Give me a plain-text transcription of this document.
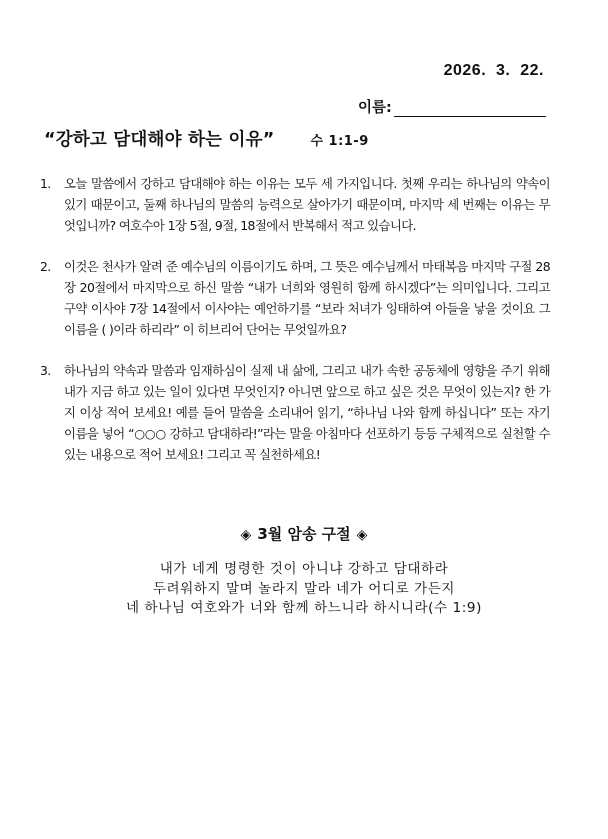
2026.  3.  22.
이름:
“강하고 담대해야 하는 이유”	수 1:1-9
1.	오늘 말씀에서 강하고 담대해야 하는 이유는 모두 세 가지입니다. 첫째 우리는 하나님의 약속이 있기 때문이고, 둘째 하나님의 말씀의 능력으로 살아가기 때문이며, 마지막 세 번째는 이유는 무엇입니까? 여호수아 1장 5절, 9절, 18절에서 반복해서 적고 있습니다.
2.	이것은 천사가 알려 준 예수님의 이름이기도 하며, 그 뜻은 예수님께서 마태복음 마지막 구절 28장 20절에서 마지막으로 하신 말씀 “내가 너희와 영원히 함께 하시겠다”는 의미입니다. 그리고 구약 이사야 7장 14절에서 이사야는 예언하기를 “보라 처녀가 잉태하여 아들을 낳을 것이요 그 이름을 ( )이라 하리라” 이 히브리어 단어는 무엇일까요?
3.	하나님의 약속과 말씀과 임재하심이 실제 내 삶에, 그리고 내가 속한 공동체에 영향을 주기 위해 내가 지금 하고 있는 일이 있다면 무엇인지? 아니면 앞으로 하고 싶은 것은 무엇이 있는지? 한 가지 이상 적어 보세요! 예를 들어 말씀을 소리내어 읽기, “하나님 나와 함께 하십니다” 또는 자기 이름을 넣어 “○○○ 강하고 담대하라!”라는 말을 아침마다 선포하기 등등 구체적으로 실천할 수 있는 내용으로 적어 보세요! 그리고 꼭 실천하세요!
◈ 3월 암송 구절 ◈
내가 네게 명령한 것이 아니냐 강하고 담대하라
두려워하지 말며 놀라지 말라 네가 어디로 가든지
네 하나님 여호와가 너와 함께 하느니라 하시니라(수 1:9)
